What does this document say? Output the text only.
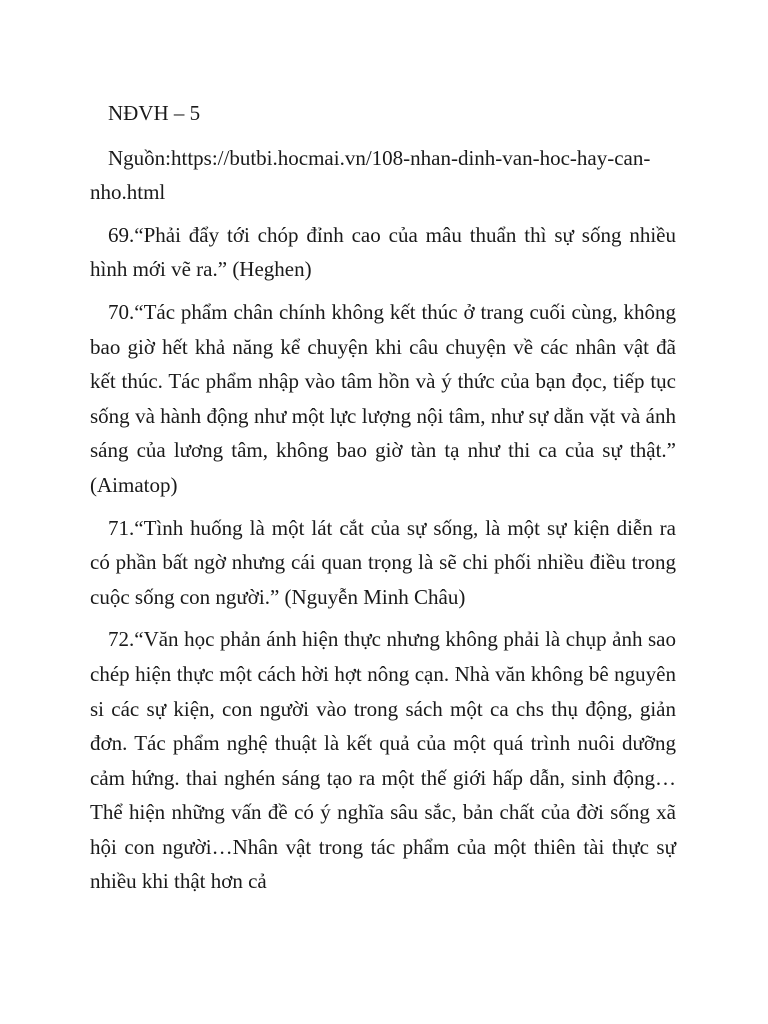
NĐVH – 5

Nguồn:https://butbi.hocmai.vn/108-nhan-dinh-van-hoc-hay-can-nho.html

69.“Phải đẩy tới chóp đỉnh cao của mâu thuẩn thì sự sống nhiều hình mới vẽ ra.” (Heghen)

70.“Tác phẩm chân chính không kết thúc ở trang cuối cùng, không bao giờ hết khả năng kể chuyện khi câu chuyện về các nhân vật đã kết thúc. Tác phẩm nhập vào tâm hồn và ý thức của bạn đọc, tiếp tục sống và hành động như một lực lượng nội tâm, như sự dằn vặt và ánh sáng của lương tâm, không bao giờ tàn tạ như thi ca của sự thật.” (Aimatop)

71.“Tình huống là một lát cắt của sự sống, là một sự kiện diễn ra có phần bất ngờ nhưng cái quan trọng là sẽ chi phối nhiều điều trong cuộc sống con người.” (Nguyễn Minh Châu)

72.“Văn học phản ánh hiện thực nhưng không phải là chụp ảnh sao chép hiện thực một cách hời hợt nông cạn. Nhà văn không bê nguyên si các sự kiện, con người vào trong sách một ca chs thụ động, giản đơn. Tác phẩm nghệ thuật là kết quả của một quá trình nuôi dưỡng cảm hứng. thai nghén sáng tạo ra một thế giới hấp dẫn, sinh động…Thể hiện những vấn đề có ý nghĩa sâu sắc, bản chất của đời sống xã hội con người…Nhân vật trong tác phẩm của một thiên tài thực sự nhiều khi thật hơn cả
